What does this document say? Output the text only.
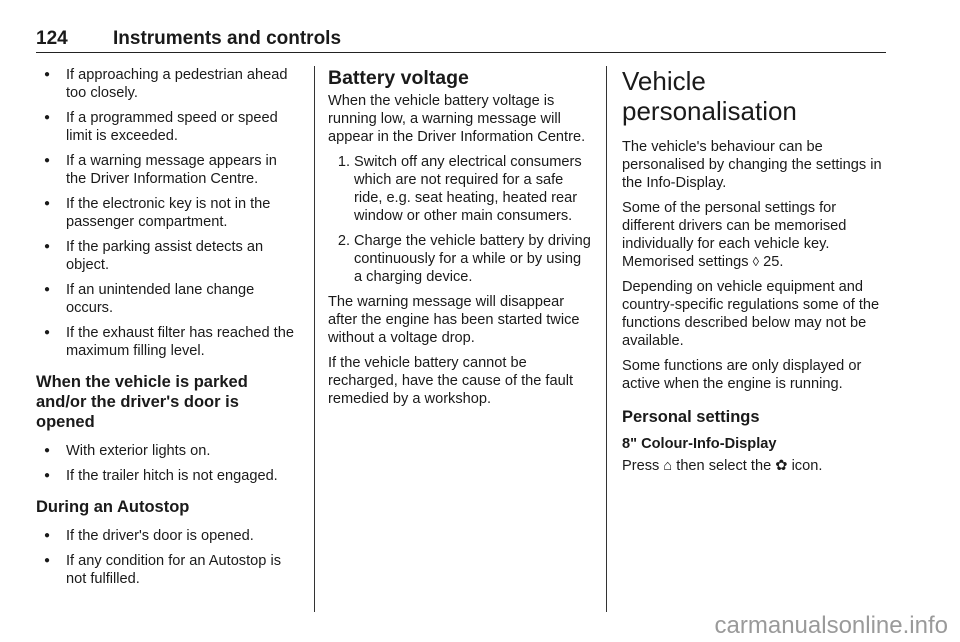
124 Instruments and controls
● If approaching a pedestrian ahead too closely.
● If a programmed speed or speed limit is exceeded.
● If a warning message appears in the Driver Information Centre.
● If the electronic key is not in the passenger compartment.
● If the parking assist detects an object.
● If an unintended lane change occurs.
● If the exhaust filter has reached the maximum filling level.
When the vehicle is parked and/or the driver's door is opened
● With exterior lights on.
● If the trailer hitch is not engaged.
During an Autostop
● If the driver's door is opened.
● If any condition for an Autostop is not fulfilled.
Battery voltage

When the vehicle battery voltage is running low, a warning message will appear in the Driver Information Centre.

1. Switch off any electrical consumers which are not required for a safe ride, e.g. seat heating, heated rear window or other main consumers.
2. Charge the vehicle battery by driving continuously for a while or by using a charging device.

The warning message will disappear after the engine has been started twice without a voltage drop.

If the vehicle battery cannot be recharged, have the cause of the fault remedied by a workshop.

Vehicle personalisation

The vehicle's behaviour can be personalised by changing the settings in the Info-Display.

Some of the personal settings for different drivers can be memorised individually for each vehicle key. Memorised settings ◊ 25.

Depending on vehicle equipment and country-specific regulations some of the functions described below may not be available.

Some functions are only displayed or active when the engine is running.

Personal settings
8" Colour-Info-Display

Press ⌂ then select the ✿ icon.

carmanualsonline.info
